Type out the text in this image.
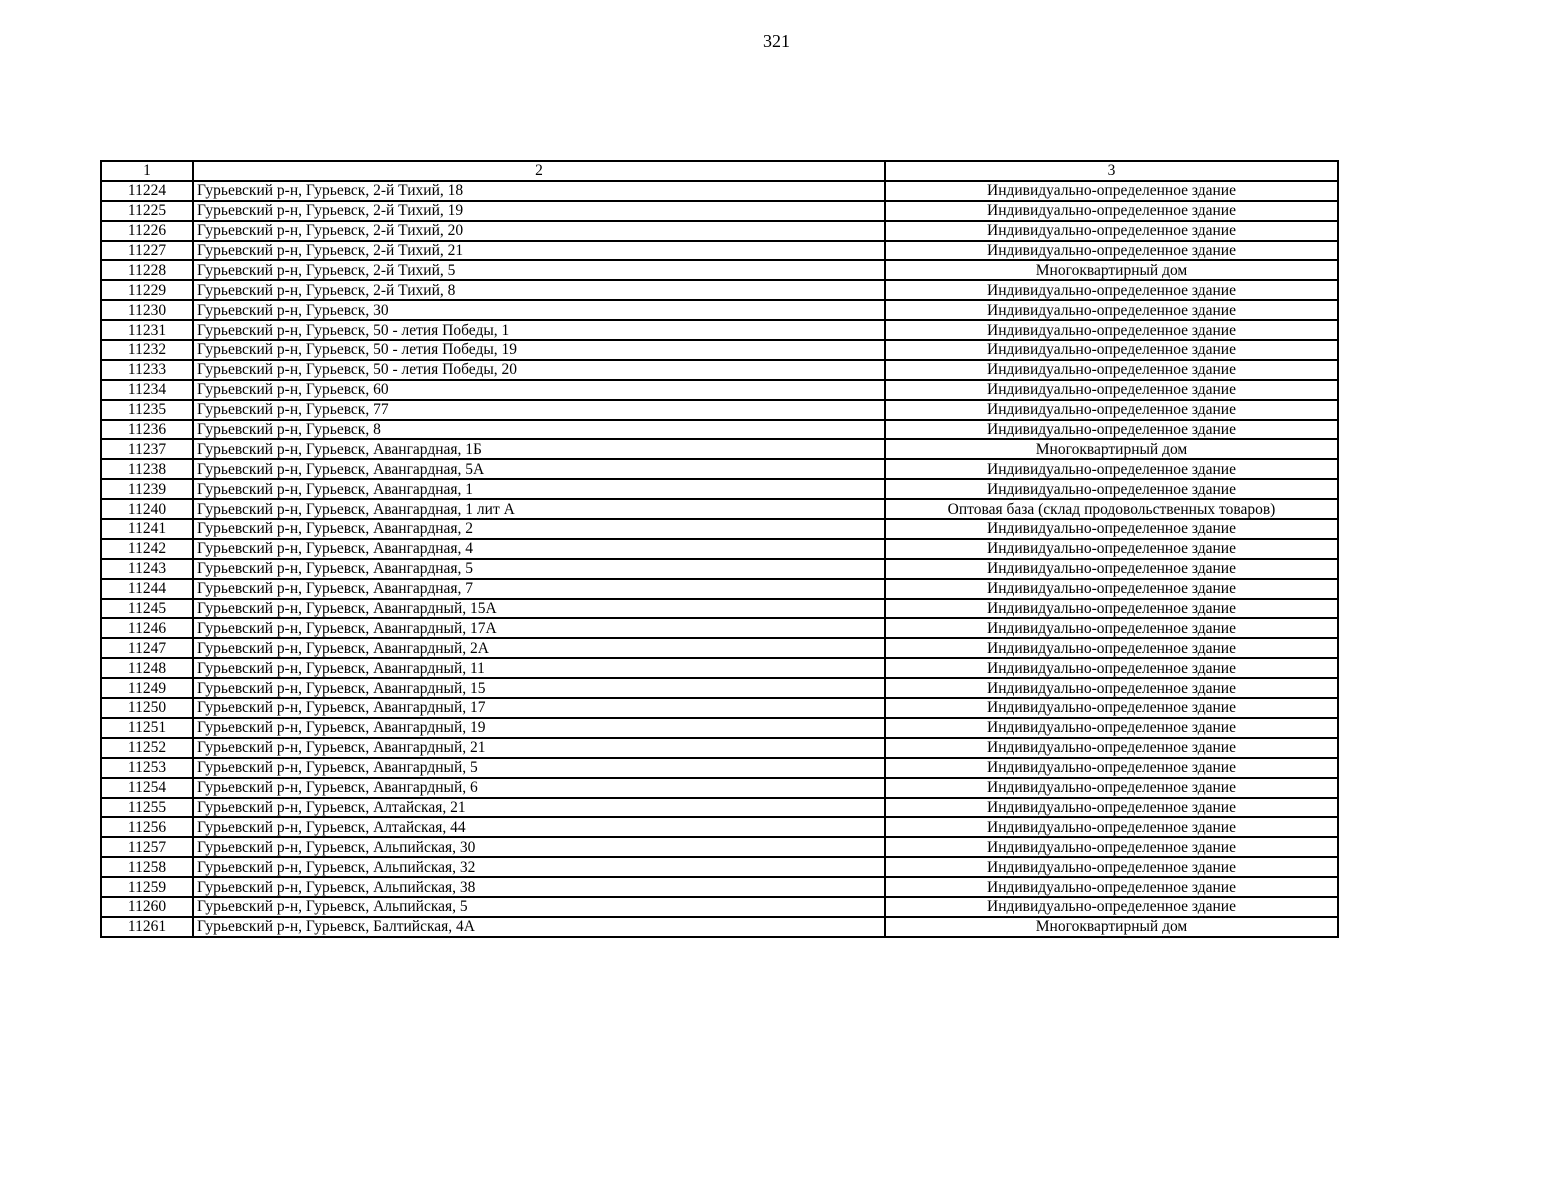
321
1	2	3
11224	Гурьевский р-н, Гурьевск, 2-й Тихий, 18	Индивидуально-определенное здание
11225	Гурьевский р-н, Гурьевск, 2-й Тихий, 19	Индивидуально-определенное здание
11226	Гурьевский р-н, Гурьевск, 2-й Тихий, 20	Индивидуально-определенное здание
11227	Гурьевский р-н, Гурьевск, 2-й Тихий, 21	Индивидуально-определенное здание
11228	Гурьевский р-н, Гурьевск, 2-й Тихий, 5	Многоквартирный дом
11229	Гурьевский р-н, Гурьевск, 2-й Тихий, 8	Индивидуально-определенное здание
11230	Гурьевский р-н, Гурьевск, 30	Индивидуально-определенное здание
11231	Гурьевский р-н, Гурьевск, 50 - летия Победы, 1	Индивидуально-определенное здание
11232	Гурьевский р-н, Гурьевск, 50 - летия Победы, 19	Индивидуально-определенное здание
11233	Гурьевский р-н, Гурьевск, 50 - летия Победы, 20	Индивидуально-определенное здание
11234	Гурьевский р-н, Гурьевск, 60	Индивидуально-определенное здание
11235	Гурьевский р-н, Гурьевск, 77	Индивидуально-определенное здание
11236	Гурьевский р-н, Гурьевск, 8	Индивидуально-определенное здание
11237	Гурьевский р-н, Гурьевск, Авангардная, 1Б	Многоквартирный дом
11238	Гурьевский р-н, Гурьевск, Авангардная, 5А	Индивидуально-определенное здание
11239	Гурьевский р-н, Гурьевск, Авангардная, 1	Индивидуально-определенное здание
11240	Гурьевский р-н, Гурьевск, Авангардная, 1 лит А	Оптовая база (склад продовольственных товаров)
11241	Гурьевский р-н, Гурьевск, Авангардная, 2	Индивидуально-определенное здание
11242	Гурьевский р-н, Гурьевск, Авангардная, 4	Индивидуально-определенное здание
11243	Гурьевский р-н, Гурьевск, Авангардная, 5	Индивидуально-определенное здание
11244	Гурьевский р-н, Гурьевск, Авангардная, 7	Индивидуально-определенное здание
11245	Гурьевский р-н, Гурьевск, Авангардный, 15А	Индивидуально-определенное здание
11246	Гурьевский р-н, Гурьевск, Авангардный, 17А	Индивидуально-определенное здание
11247	Гурьевский р-н, Гурьевск, Авангардный, 2А	Индивидуально-определенное здание
11248	Гурьевский р-н, Гурьевск, Авангардный, 11	Индивидуально-определенное здание
11249	Гурьевский р-н, Гурьевск, Авангардный, 15	Индивидуально-определенное здание
11250	Гурьевский р-н, Гурьевск, Авангардный, 17	Индивидуально-определенное здание
11251	Гурьевский р-н, Гурьевск, Авангардный, 19	Индивидуально-определенное здание
11252	Гурьевский р-н, Гурьевск, Авангардный, 21	Индивидуально-определенное здание
11253	Гурьевский р-н, Гурьевск, Авангардный, 5	Индивидуально-определенное здание
11254	Гурьевский р-н, Гурьевск, Авангардный, 6	Индивидуально-определенное здание
11255	Гурьевский р-н, Гурьевск, Алтайская, 21	Индивидуально-определенное здание
11256	Гурьевский р-н, Гурьевск, Алтайская, 44	Индивидуально-определенное здание
11257	Гурьевский р-н, Гурьевск, Альпийская, 30	Индивидуально-определенное здание
11258	Гурьевский р-н, Гурьевск, Альпийская, 32	Индивидуально-определенное здание
11259	Гурьевский р-н, Гурьевск, Альпийская, 38	Индивидуально-определенное здание
11260	Гурьевский р-н, Гурьевск, Альпийская, 5	Индивидуально-определенное здание
11261	Гурьевский р-н, Гурьевск, Балтийская, 4А	Многоквартирный дом
